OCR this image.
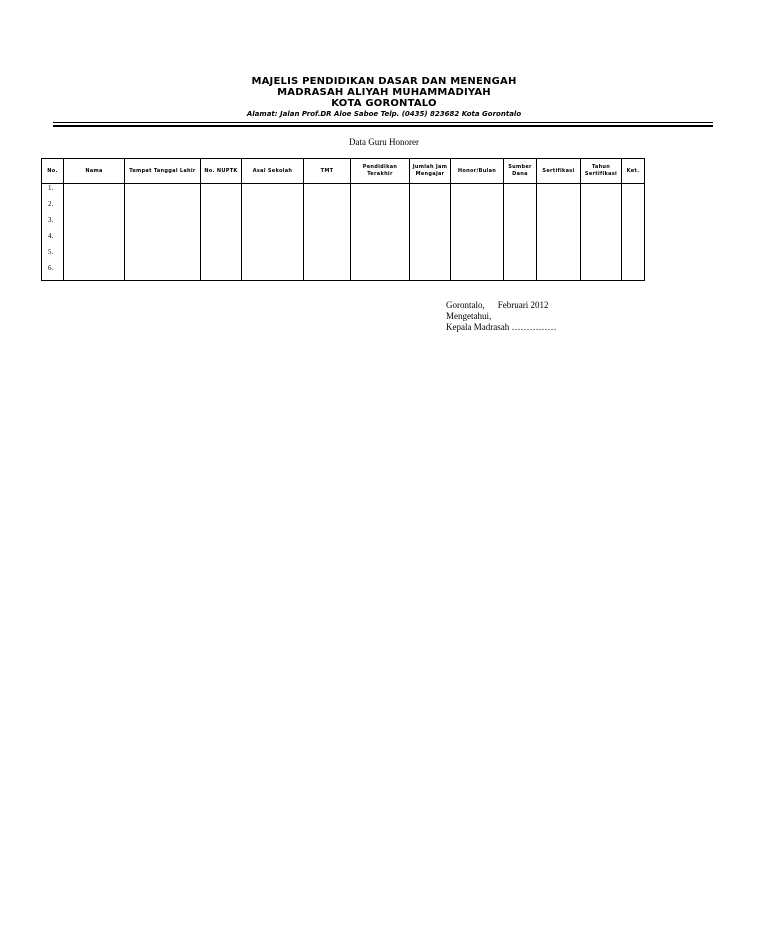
MAJELIS PENDIDIKAN DASAR DAN MENENGAH
MADRASAH ALIYAH MUHAMMADIYAH
KOTA GORONTALO
Alamat: Jalan Prof.DR Aloe Saboe Telp. (0435) 823682 Kota Gorontalo
Data Guru Honorer
No.	Nama	Tempat Tanggal Lahir	No. NUPTK	Asal Sekolah	TMT	Pendidikan Terakhir	Jumlah Jam Mengajar	Honor/Bulan	Sumber Dana	Sertifikasi	Tahun Sertifikasi	Ket.
1.												
2.												
3.												
4.												
5.												
6.												
Gorontalo, Februari 2012
Mengetahui,
Kepala Madrasah ……………
